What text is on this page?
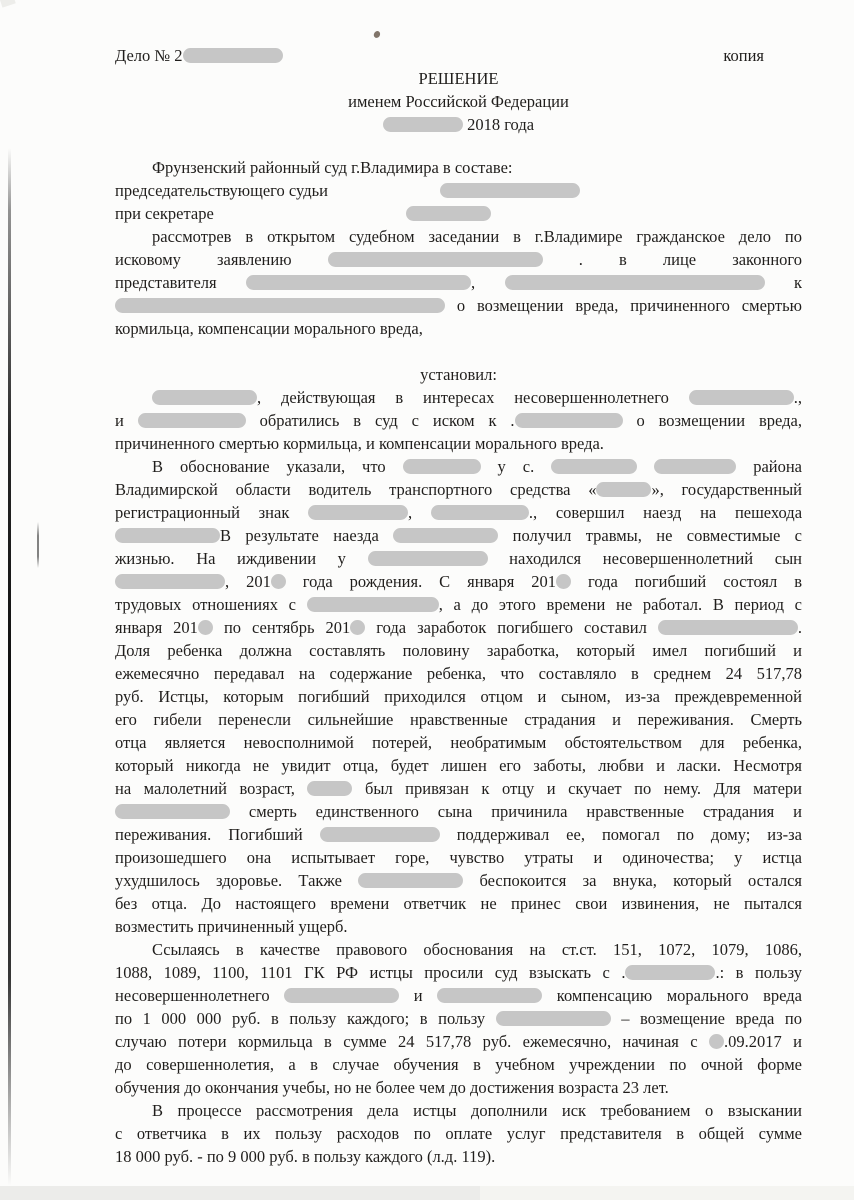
Дело № 2	копия
РЕШЕНИЕ
именем Российской Федерации
2018 года
Фрунзенский районный суд г.Владимира в составе:
председательствующего судьи
при секретаре
рассмотрев в открытом судебном заседании в г.Владимире гражданское дело по
исковому заявлению	. в лице законного
представителя	,	к
о возмещении вреда, причиненного смертью
кормильца, компенсации морального вреда,
установил:
, действующая в интересах несовершеннолетнего	.,
и	обратились в суд с иском к .	о возмещении вреда,
причиненного смертью кормильца, и компенсации морального вреда.
В обоснование указали, что	у с.	района
Владимирской области водитель транспортного средства «	», государственный
регистрационный знак	,	., совершил наезд на пешехода
В результате наезда	получил травмы, не совместимые с
жизнью. На иждивении у	находился несовершеннолетний сын
, 201 года рождения. С января 201 года погибший состоял в
трудовых отношениях с	, а до этого времени не работал. В период с
января 201 по сентябрь 201 года заработок погибшего составил	.
Доля ребенка должна составлять половину заработка, который имел погибший и
ежемесячно передавал на содержание ребенка, что составляло в среднем 24 517,78
руб. Истцы, которым погибший приходился отцом и сыном, из-за преждевременной
его гибели перенесли сильнейшие нравственные страдания и переживания. Смерть
отца является невосполнимой потерей, необратимым обстоятельством для ребенка,
который никогда не увидит отца, будет лишен его заботы, любви и ласки. Несмотря
на малолетний возраст,	был привязан к отцу и скучает по нему. Для матери
смерть единственного сына причинила нравственные страдания и
переживания. Погибший	поддерживал ее, помогал по дому; из-за
произошедшего она испытывает горе, чувство утраты и одиночества; у истца
ухудшилось здоровье. Также	беспокоится за внука, который остался
без отца. До настоящего времени ответчик не принес свои извинения, не пытался
возместить причиненный ущерб.
Ссылаясь в качестве правового обоснования на ст.ст. 151, 1072, 1079, 1086,
1088, 1089, 1100, 1101 ГК РФ истцы просили суд взыскать с .	.: в пользу
несовершеннолетнего	и	компенсацию морального вреда
по 1 000 000 руб. в пользу каждого; в пользу	– возмещение вреда по
случаю потери кормильца в сумме 24 517,78 руб. ежемесячно, начиная с .09.2017 и
до совершеннолетия, а в случае обучения в учебном учреждении по очной форме
обучения до окончания учебы, но не более чем до достижения возраста 23 лет.
В процессе рассмотрения дела истцы дополнили иск требованием о взыскании
с ответчика в их пользу расходов по оплате услуг представителя в общей сумме
18 000 руб. - по 9 000 руб. в пользу каждого (л.д. 119).
